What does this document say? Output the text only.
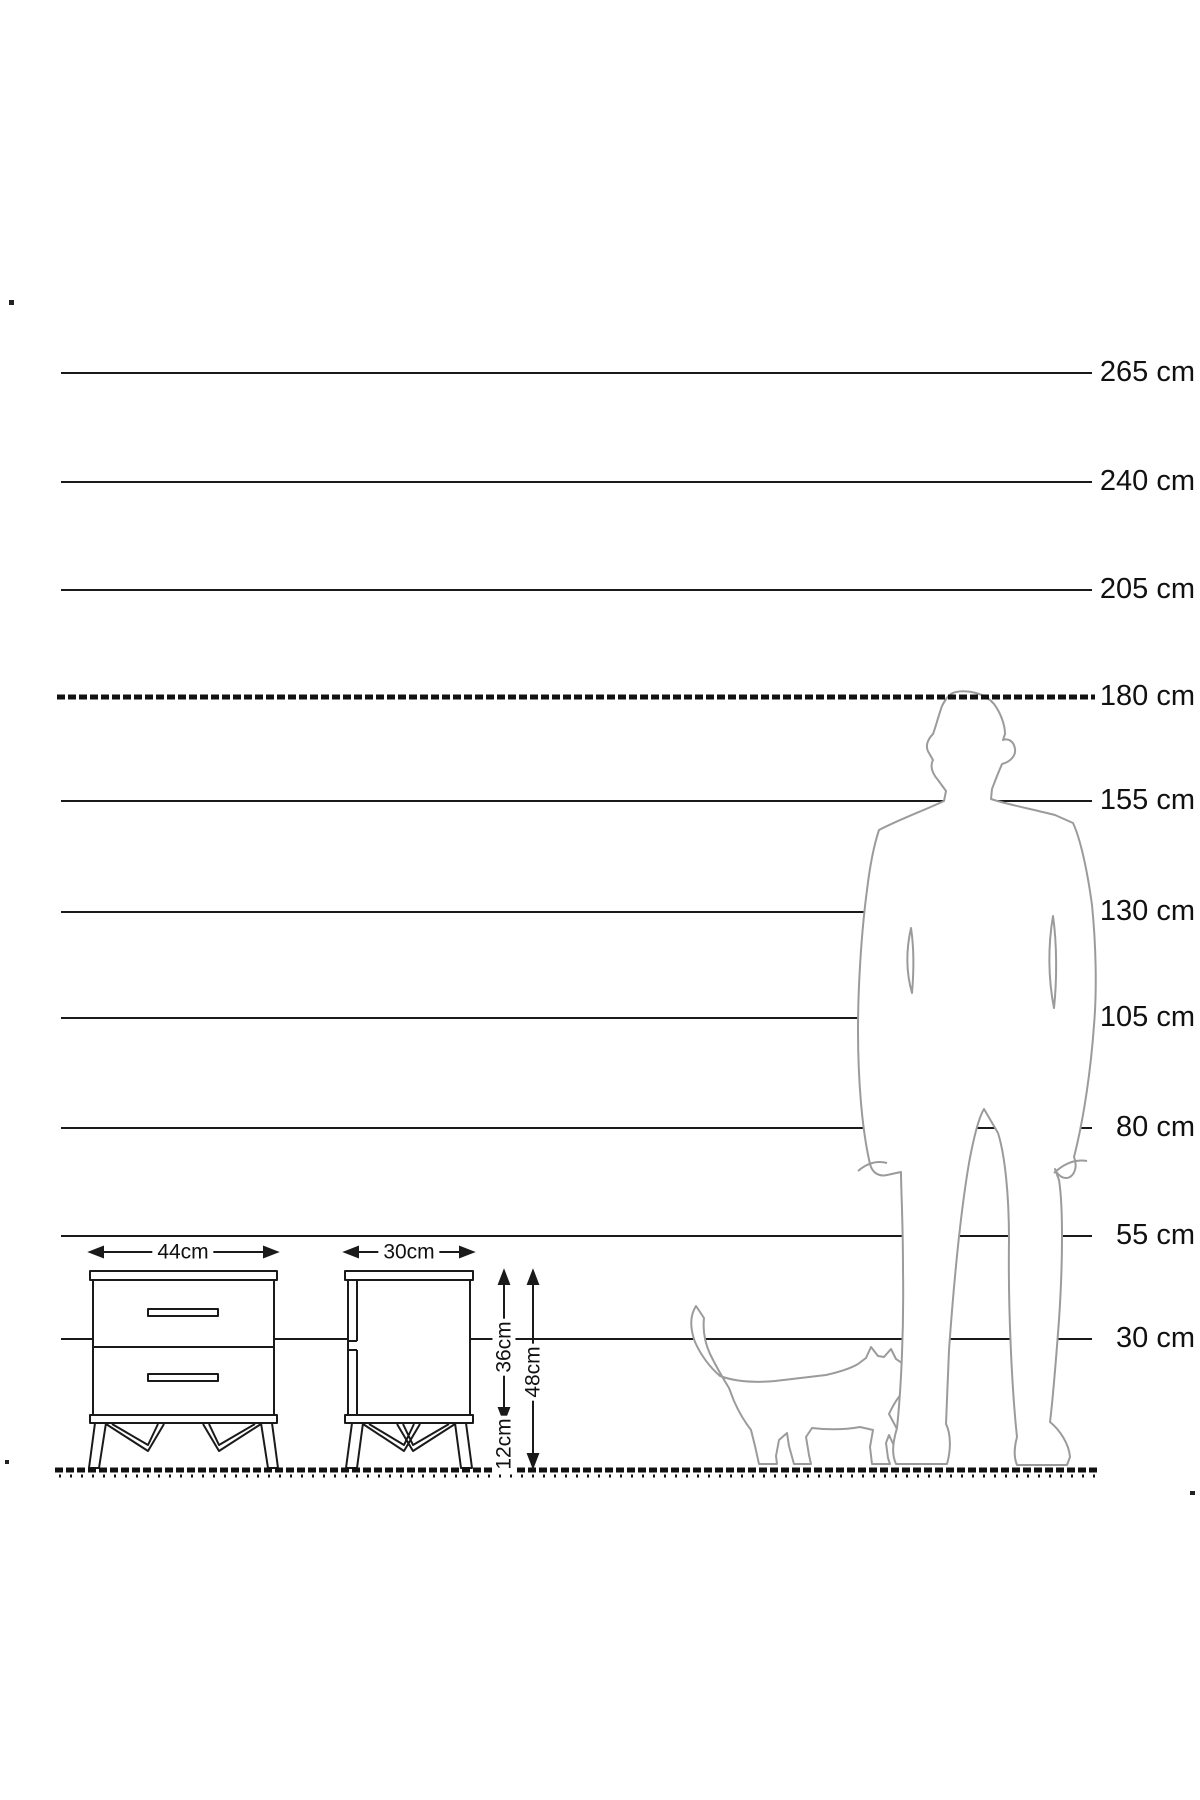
265 cm
240 cm
205 cm
180 cm
155 cm
130 cm
105 cm
80 cm
55 cm
30 cm
44cm	30cm
36cm
12cm
48cm
